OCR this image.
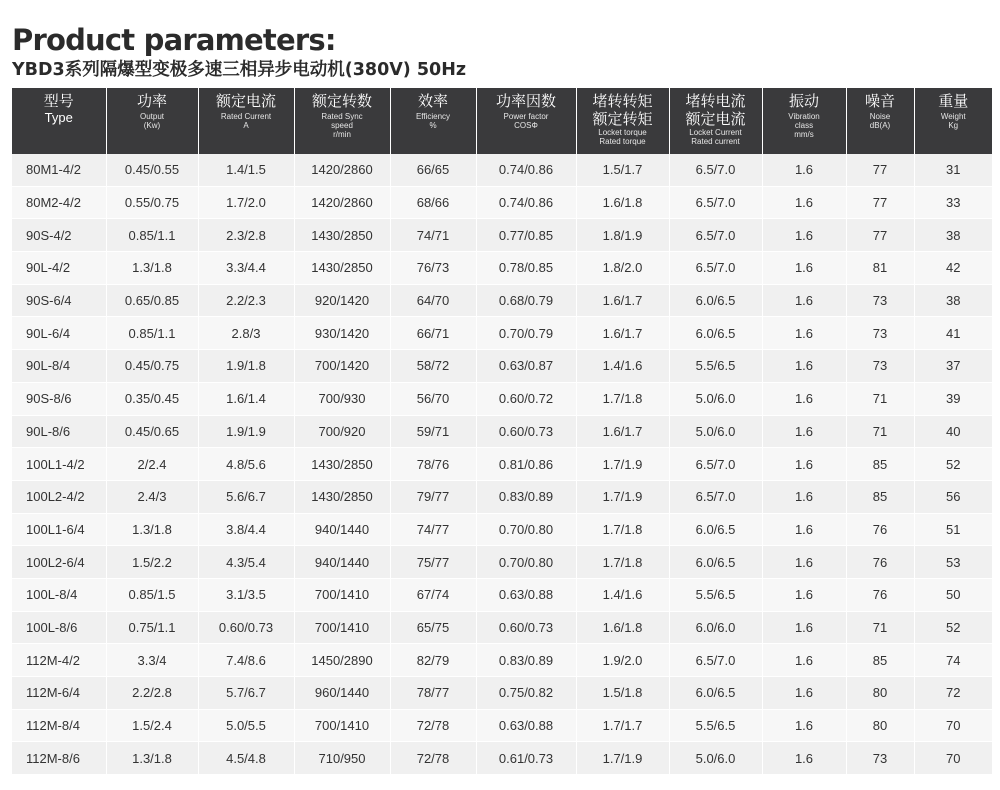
Product parameters:
YBD3系列隔爆型变极多速三相异步电动机(380V) 50Hz
型号
Type	功率
Output
(Kw)	额定电流
Rated Current
A	额定转数
Rated Sync
speed
r/min	效率
Efficiency
%	功率因数
Power factor
COSΦ	堵转转矩
额定转矩
Locket torque
Rated torque	堵转电流
额定电流
Locket Current
Rated current	振动
Vibration
class
mm/s	噪音
Noise
dB(A)	重量
Weight
Kg

80M1-4/2	0.45/0.55	1.4/1.5	1420/2860	66/65	0.74/0.86	1.5/1.7	6.5/7.0	1.6	77	31
80M2-4/2	0.55/0.75	1.7/2.0	1420/2860	68/66	0.74/0.86	1.6/1.8	6.5/7.0	1.6	77	33
90S-4/2	0.85/1.1	2.3/2.8	1430/2850	74/71	0.77/0.85	1.8/1.9	6.5/7.0	1.6	77	38
90L-4/2	1.3/1.8	3.3/4.4	1430/2850	76/73	0.78/0.85	1.8/2.0	6.5/7.0	1.6	81	42
90S-6/4	0.65/0.85	2.2/2.3	920/1420	64/70	0.68/0.79	1.6/1.7	6.0/6.5	1.6	73	38
90L-6/4	0.85/1.1	2.8/3	930/1420	66/71	0.70/0.79	1.6/1.7	6.0/6.5	1.6	73	41
90L-8/4	0.45/0.75	1.9/1.8	700/1420	58/72	0.63/0.87	1.4/1.6	5.5/6.5	1.6	73	37
90S-8/6	0.35/0.45	1.6/1.4	700/930	56/70	0.60/0.72	1.7/1.8	5.0/6.0	1.6	71	39
90L-8/6	0.45/0.65	1.9/1.9	700/920	59/71	0.60/0.73	1.6/1.7	5.0/6.0	1.6	71	40
100L1-4/2	2/2.4	4.8/5.6	1430/2850	78/76	0.81/0.86	1.7/1.9	6.5/7.0	1.6	85	52
100L2-4/2	2.4/3	5.6/6.7	1430/2850	79/77	0.83/0.89	1.7/1.9	6.5/7.0	1.6	85	56
100L1-6/4	1.3/1.8	3.8/4.4	940/1440	74/77	0.70/0.80	1.7/1.8	6.0/6.5	1.6	76	51
100L2-6/4	1.5/2.2	4.3/5.4	940/1440	75/77	0.70/0.80	1.7/1.8	6.0/6.5	1.6	76	53
100L-8/4	0.85/1.5	3.1/3.5	700/1410	67/74	0.63/0.88	1.4/1.6	5.5/6.5	1.6	76	50
100L-8/6	0.75/1.1	0.60/0.73	700/1410	65/75	0.60/0.73	1.6/1.8	6.0/6.0	1.6	71	52
112M-4/2	3.3/4	7.4/8.6	1450/2890	82/79	0.83/0.89	1.9/2.0	6.5/7.0	1.6	85	74
112M-6/4	2.2/2.8	5.7/6.7	960/1440	78/77	0.75/0.82	1.5/1.8	6.0/6.5	1.6	80	72
112M-8/4	1.5/2.4	5.0/5.5	700/1410	72/78	0.63/0.88	1.7/1.7	5.5/6.5	1.6	80	70
112M-8/6	1.3/1.8	4.5/4.8	710/950	72/78	0.61/0.73	1.7/1.9	5.0/6.0	1.6	73	70
